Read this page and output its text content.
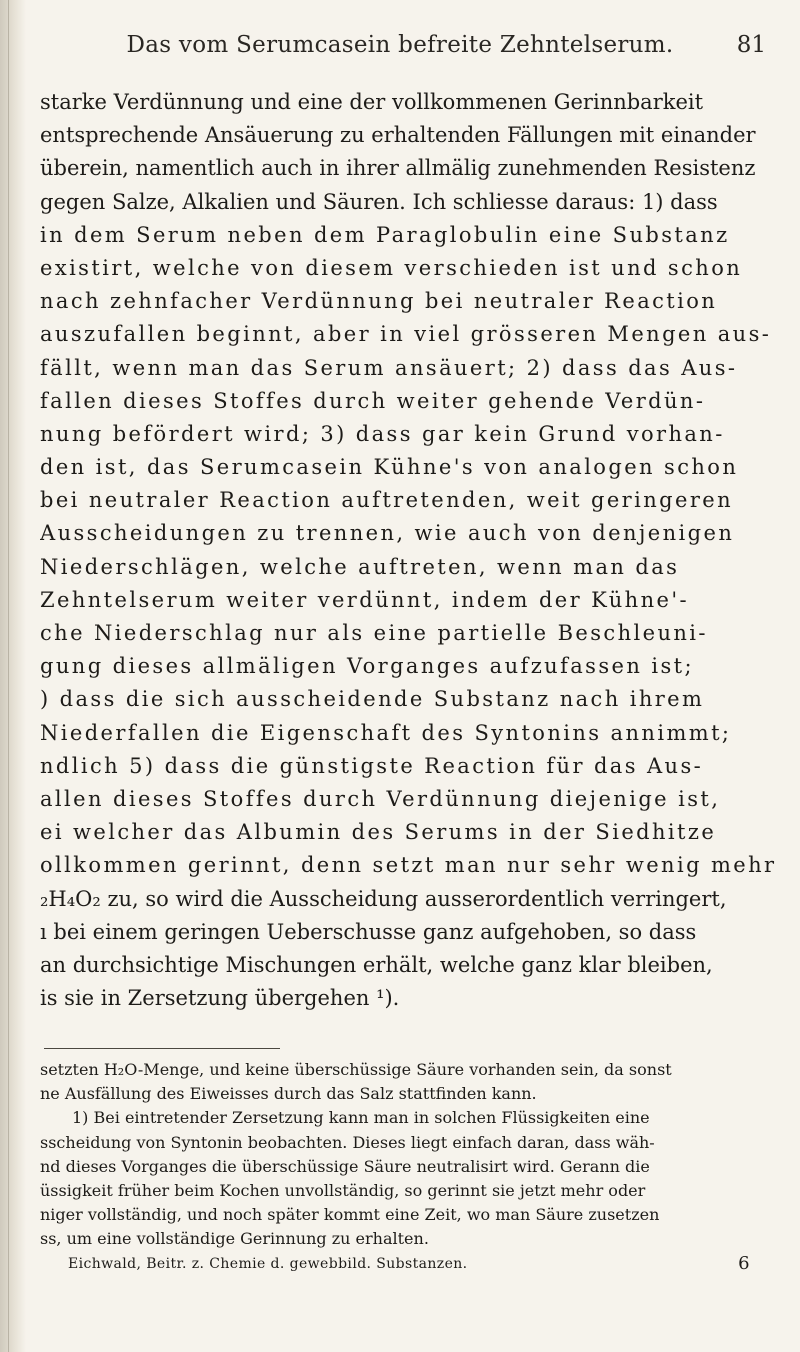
Das vom Serumcasein befreite Zehntelserum.	81
starke Verdünnung und eine der vollkommenen Gerinnbarkeit
entsprechende Ansäuerung zu erhaltenden Fällungen mit einander
überein, namentlich auch in ihrer allmälig zunehmenden Resistenz
gegen Salze, Alkalien und Säuren. Ich schliesse daraus: 1) dass
in dem Serum neben dem Paraglobulin eine Substanz
existirt, welche von diesem verschieden ist und schon
nach zehnfacher Verdünnung bei neutraler Reaction
auszufallen beginnt, aber in viel grösseren Mengen aus-
fällt, wenn man das Serum ansäuert; 2) dass das Aus-
fallen dieses Stoffes durch weiter gehende Verdün-
nung befördert wird; 3) dass gar kein Grund vorhan-
den ist, das Serumcasein Kühne's von analogen schon
bei neutraler Reaction auftretenden, weit geringeren
Ausscheidungen zu trennen, wie auch von denjenigen
Niederschlägen, welche auftreten, wenn man das
Zehntelserum weiter verdünnt, indem der Kühne'-
che Niederschlag nur als eine partielle Beschleuni-
gung dieses allmäligen Vorganges aufzufassen ist;
) dass die sich ausscheidende Substanz nach ihrem
Niederfallen die Eigenschaft des Syntonins annimmt;
ndlich 5) dass die günstigste Reaction für das Aus-
allen dieses Stoffes durch Verdünnung diejenige ist,
ei welcher das Albumin des Serums in der Siedhitze
ollkommen gerinnt, denn setzt man nur sehr wenig mehr
₂H₄O₂ zu, so wird die Ausscheidung ausserordentlich verringert,
ı bei einem geringen Ueberschusse ganz aufgehoben, so dass
an durchsichtige Mischungen erhält, welche ganz klar bleiben,
is sie in Zersetzung übergehen ¹).
setzten H₂O-Menge, und keine überschüssige Säure vorhanden sein, da sonst
ne Ausfällung des Eiweisses durch das Salz stattfinden kann.
1) Bei eintretender Zersetzung kann man in solchen Flüssigkeiten eine
sscheidung von Syntonin beobachten. Dieses liegt einfach daran, dass wäh-
nd dieses Vorganges die überschüssige Säure neutralisirt wird. Gerann die
üssigkeit früher beim Kochen unvollständig, so gerinnt sie jetzt mehr oder
niger vollständig, und noch später kommt eine Zeit, wo man Säure zusetzen
ss, um eine vollständige Gerinnung zu erhalten.
Eichwald, Beitr. z. Chemie d. gewebbild. Substanzen.	6
